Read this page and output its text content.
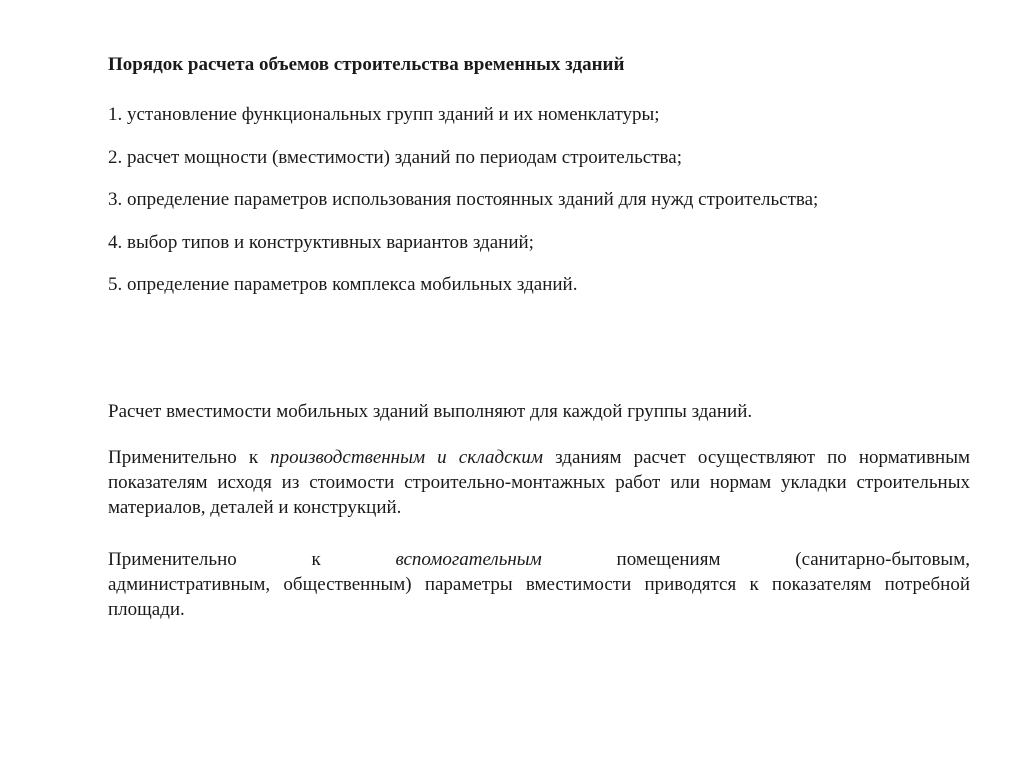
Порядок расчета объемов строительства временных зданий
1. установление функциональных групп зданий и их номенклатуры;
2. расчет мощности (вместимости) зданий по периодам строительства;
3. определение параметров использования постоянных зданий для нужд строительства;
4. выбор типов и конструктивных вариантов зданий;
5. определение параметров комплекса мобильных зданий.

Расчет вместимости мобильных зданий выполняют для каждой группы зданий.

Применительно к производственным и складским зданиям расчет осуществляют по нормативным показателям исходя из стоимости строительно-монтажных работ или нормам укладки строительных материалов, деталей и конструкций.

Применительно	к	вспомогательным	помещениям	(санитарно-бытовым,
административным, общественным) параметры вместимости приводятся к показателям потребной площади.
